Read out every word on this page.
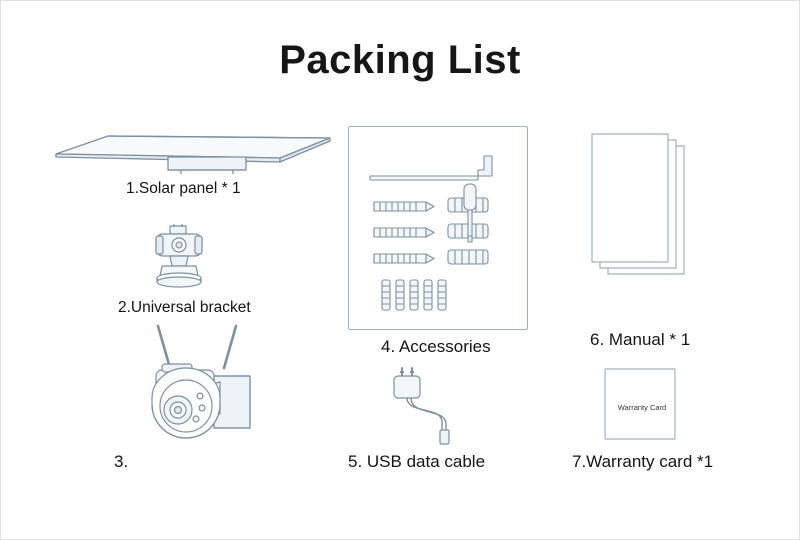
Packing List
1.Solar panel * 1
2.Universal bracket
3.
4. Accessories
5. USB data cable
6. Manual * 1
Warranty Card
7.Warranty card *1
